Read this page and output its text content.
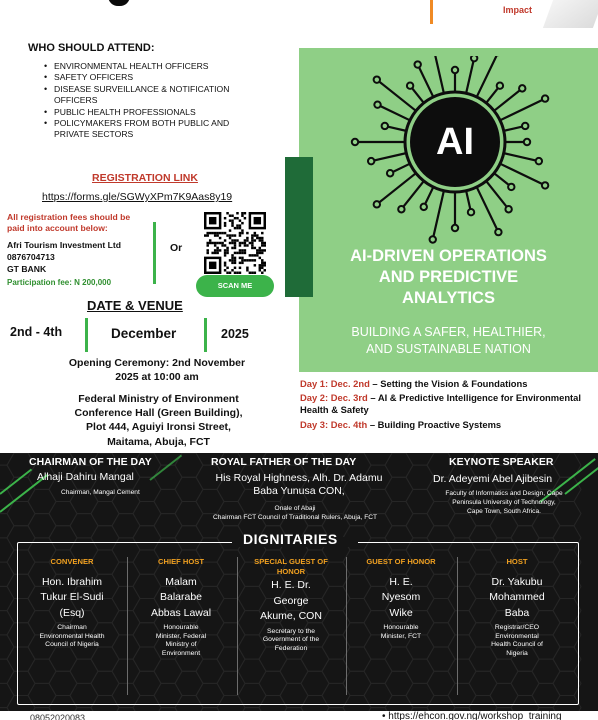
Impact
WHO SHOULD ATTEND:
• ENVIRONMENTAL HEALTH OFFICERS
• SAFETY OFFICERS
• DISEASE SURVEILLANCE & NOTIFICATION OFFICERS
• PUBLIC HEALTH PROFESSIONALS
• POLICYMAKERS FROM BOTH PUBLIC AND PRIVATE SECTORS
REGISTRATION LINK
https://forms.gle/SGWyXPm7K9Aas8y19
All registration fees should be paid into account below:
Afri Tourism Investment Ltd
0876704713
GT BANK
Participation fee: N 200,000
Or
SCAN ME
DATE & VENUE
2nd - 4th	December	2025
Opening Ceremony: 2nd November 2025 at 10:00 am
Federal Ministry of Environment
Conference Hall (Green Building),
Plot 444, Aguiyi Ironsi Street,
Maitama, Abuja, FCT
AI
AI-DRIVEN OPERATIONS
AND PREDICTIVE
ANALYTICS
BUILDING A SAFER, HEALTHIER,
AND SUSTAINABLE NATION
Day 1: Dec. 2nd – Setting the Vision & Foundations
Day 2: Dec. 3rd – AI & Predictive Intelligence for Environmental Health & Safety
Day 3: Dec. 4th – Building Proactive Systems
CHAIRMAN OF THE DAY
Alhaji Dahiru Mangal
Chairman, Mangal Cement
ROYAL FATHER OF THE DAY
His Royal Highness, Alh. Dr. Adamu
Baba Yunusa CON,
Onale of Abaji
Chairman FCT Council of Traditional Rulers, Abuja, FCT
KEYNOTE SPEAKER
Dr. Adeyemi Abel Ajibesin
Faculty of Informatics and Design, Cape
Peninsula University of Technology,
Cape Town, South Africa.
DIGNITARIES
CONVENER
Hon. Ibrahim
Tukur El-Sudi
(Esq)
Chairman
Environmental Health
Council of Nigeria
CHIEF HOST
Malam
Balarabe
Abbas Lawal
Honourable
Minister, Federal
Ministry of
Environment
SPECIAL GUEST OF HONOR
H. E. Dr.
George
Akume, CON
Secretary to the
Government of the
Federation
GUEST OF HONOR
H. E.
Nyesom
Wike
Honourable
Minister, FCT
HOST
Dr. Yakubu
Mohammed
Baba
Registrar/CEO
Environmental
Health Council of
Nigeria
08052020083	• https://ehcon.gov.ng/workshop_training
